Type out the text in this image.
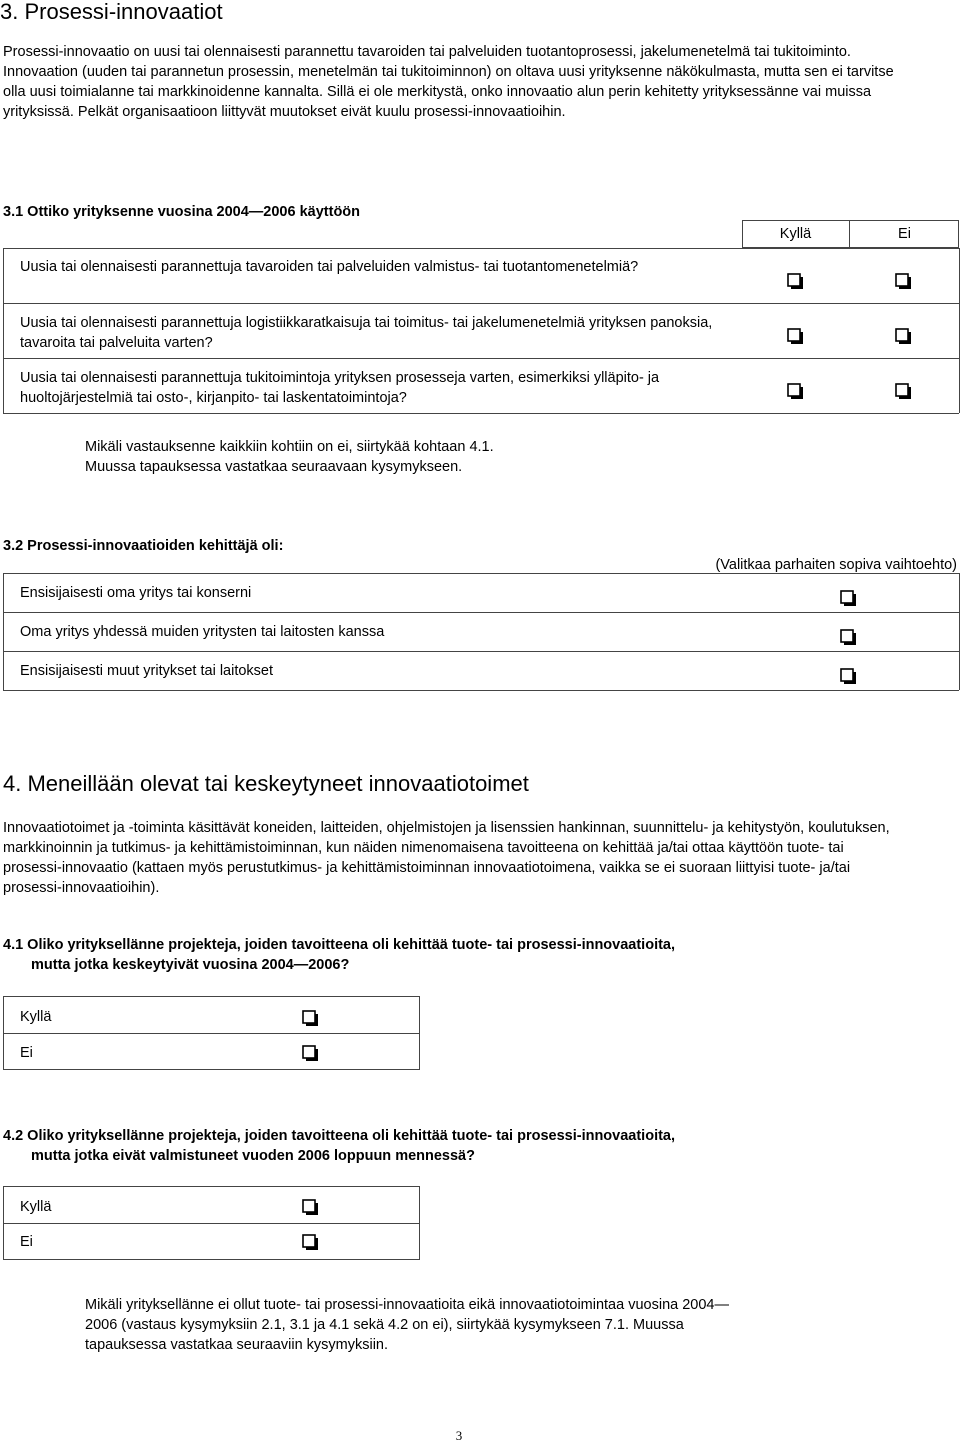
3. Prosessi-innovaatiot

Prosessi-innovaatio on uusi tai olennaisesti parannettu tavaroiden tai palveluiden tuotantoprosessi, jakelumenetelmä tai tukitoiminto.

Innovaation (uuden tai parannetun prosessin, menetelmän tai tukitoiminnon) on oltava uusi yrityksenne näkökulmasta, mutta sen ei tarvitse olla uusi toimialanne tai markkinoidenne kannalta. Sillä ei ole merkitystä, onko innovaatio alun perin kehitetty yrityksessänne vai muissa yrityksissä. Pelkät organisaatioon liittyvät muutokset eivät kuulu prosessi-innovaatioihin.

3.1 Ottiko yrityksenne vuosina 2004—2006 käyttöön
Kyllä	Ei
Uusia tai olennaisesti parannettuja tavaroiden tai palveluiden valmistus- tai tuotantomenetelmiä?
Uusia tai olennaisesti parannettuja logistiikkaratkaisuja tai toimitus- tai jakelumenetelmiä yrityksen panoksia, tavaroita tai palveluita varten?
Uusia tai olennaisesti parannettuja tukitoimintoja yrityksen prosesseja varten, esimerkiksi ylläpito- ja huoltojärjestelmiä tai osto-, kirjanpito- tai laskentatoimintoja?
Mikäli vastauksenne kaikkiin kohtiin on ei, siirtykää kohtaan 4.1.
Muussa tapauksessa vastatkaa seuraavaan kysymykseen.
3.2 Prosessi-innovaatioiden kehittäjä oli:
(Valitkaa parhaiten sopiva vaihtoehto)
Ensisijaisesti oma yritys tai konserni
Oma yritys yhdessä muiden yritysten tai laitosten kanssa
Ensisijaisesti muut yritykset tai laitokset
4. Meneillään olevat tai keskeytyneet innovaatiotoimet
Innovaatiotoimet ja -toiminta käsittävät koneiden, laitteiden, ohjelmistojen ja lisenssien hankinnan, suunnittelu- ja kehitystyön, koulutuksen, markkinoinnin ja tutkimus- ja kehittämistoiminnan, kun näiden nimenomaisena tavoitteena on kehittää ja/tai ottaa käyttöön tuote- tai prosessi-innovaatio (kattaen myös perustutkimus- ja kehittämistoiminnan innovaatiotoimena, vaikka se ei suoraan liittyisi tuote- ja/tai prosessi-innovaatioihin).
4.1 Oliko yrityksellänne projekteja, joiden tavoitteena oli kehittää tuote- tai prosessi-innovaatioita,
mutta jotka keskeytyivät vuosina 2004—2006?
Kyllä
Ei
4.2 Oliko yrityksellänne projekteja, joiden tavoitteena oli kehittää tuote- tai prosessi-innovaatioita,
mutta jotka eivät valmistuneet vuoden 2006 loppuun mennessä?
Kyllä
Ei
Mikäli yrityksellänne ei ollut tuote- tai prosessi-innovaatioita eikä innovaatiotoimintaa vuosina 2004—2006 (vastaus kysymyksiin 2.1, 3.1 ja 4.1 sekä 4.2 on ei), siirtykää kysymykseen 7.1. Muussa tapauksessa vastatkaa seuraaviin kysymyksiin.
3
